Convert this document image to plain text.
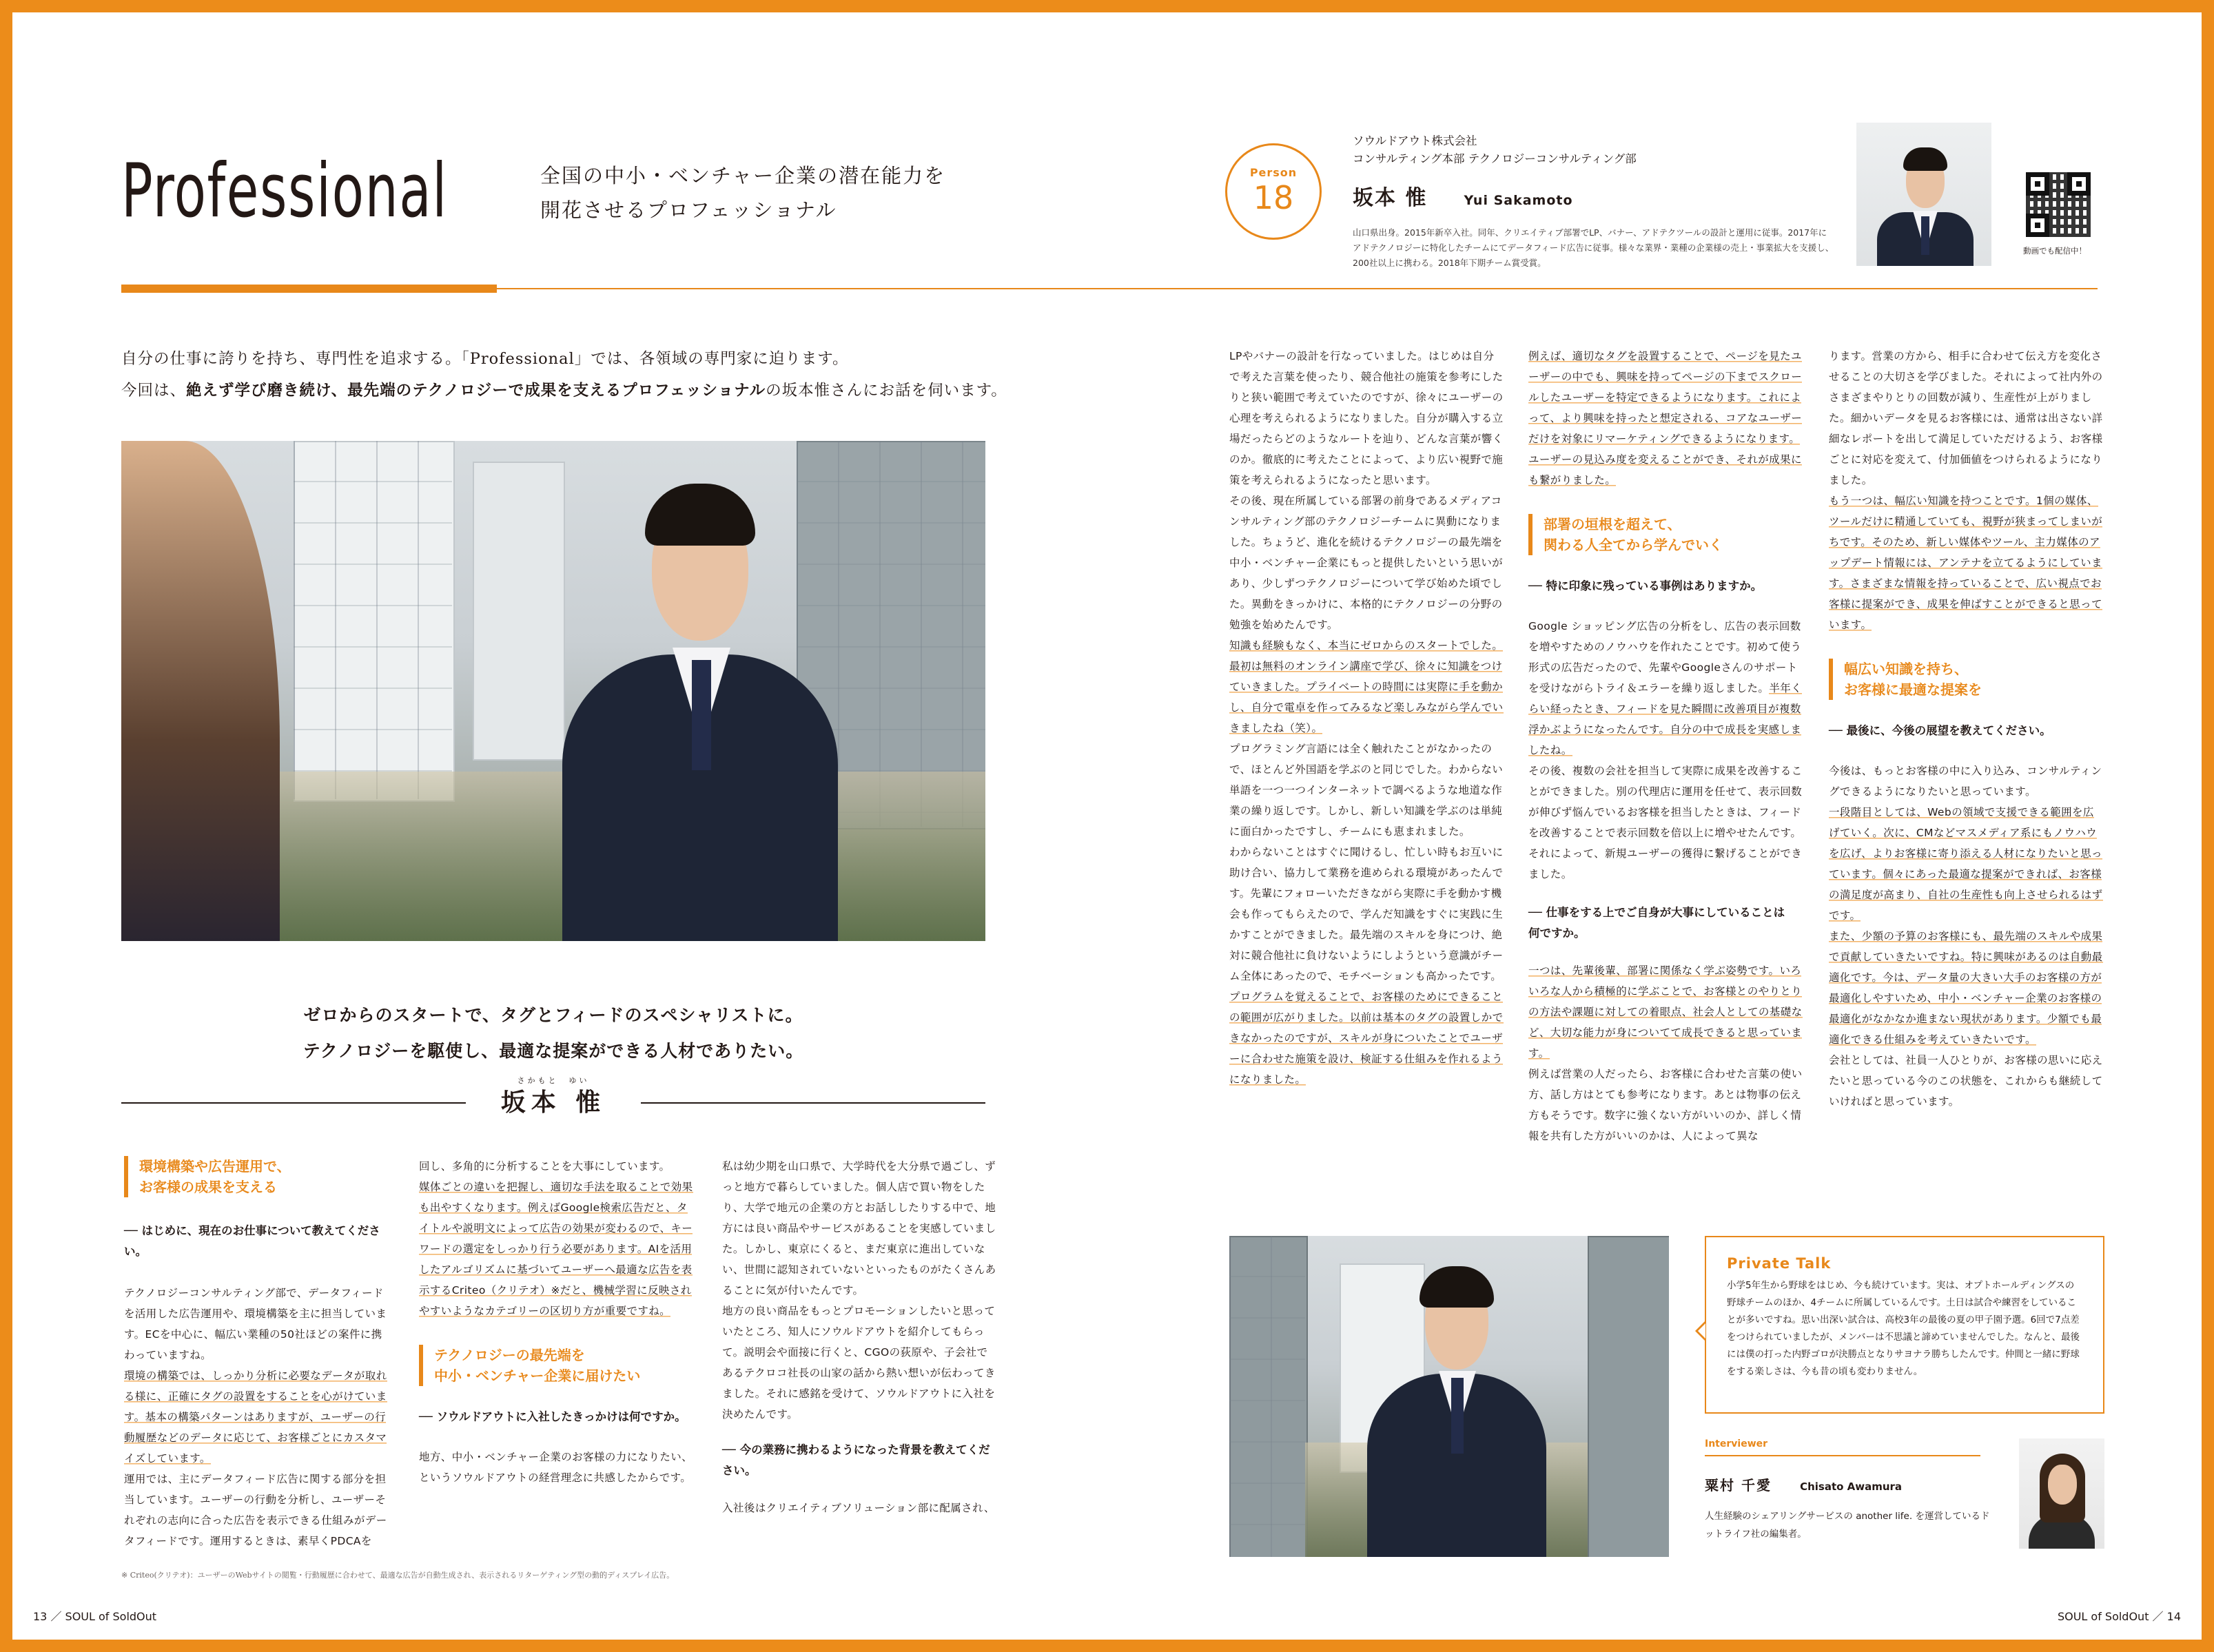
Professional	全国の中小・ベンチャー企業の潜在能力を
開花させるプロフェッショナル
Person
18
ソウルドアウト株式会社
コンサルティング本部 テクノロジーコンサルティング部
坂本 惟	Yui Sakamoto
山口県出身。2015年新卒入社。同年、クリエイティブ部署でLP、バナー、アドテクツールの設計と運用に従事。2017年にアドテクノロジーに特化したチームにてデータフィード広告に従事。様々な業界・業種の企業様の売上・事業拡大を支援し、200社以上に携わる。2018年下期チーム賞受賞。
動画でも配信中！
自分の仕事に誇りを持ち、専門性を追求する。「Professional」では、各領域の専門家に迫ります。
今回は、絶えず学び磨き続け、最先端のテクノロジーで成果を支えるプロフェッショナルの坂本惟さんにお話を伺います。
ゼロからのスタートで、タグとフィードのスペシャリストに。
テクノロジーを駆使し、最適な提案ができる人材でありたい。
さかもと　ゆい
坂本 惟
環境構築や広告運用で、
お客様の成果を支える
── はじめに、現在のお仕事について教えてください。

テクノロジーコンサルティング部で、データフィードを活用した広告運用や、環境構築を主に担当しています。ECを中心に、幅広い業種の50社ほどの案件に携わっていますね。

環境の構築では、しっかり分析に必要なデータが取れる様に、正確にタグの設置をすることを心がけています。基本の構築パターンはありますが、ユーザーの行動履歴などのデータに応じて、お客様ごとにカスタマイズしています。

運用では、主にデータフィード広告に関する部分を担当しています。ユーザーの行動を分析し、ユーザーそれぞれの志向に合った広告を表示できる仕組みがデータフィードです。運用するときは、素早くPDCAを

回し、多角的に分析することを大事にしています。

媒体ごとの違いを把握し、適切な手法を取ることで効果も出やすくなります。例えばGoogle検索広告だと、タイトルや説明文によって広告の効果が変わるので、キーワードの選定をしっかり行う必要があります。AIを活用したアルゴリズムに基づいてユーザーへ最適な広告を表示するCriteo（クリテオ）※だと、機械学習に反映されやすいようなカテゴリーの区切り方が重要ですね。

テクノロジーの最先端を
中小・ベンチャー企業に届けたい
── ソウルドアウトに入社したきっかけは何ですか。

地方、中小・ベンチャー企業のお客様の力になりたい、というソウルドアウトの経営理念に共感したからです。

私は幼少期を山口県で、大学時代を大分県で過ごし、ずっと地方で暮らしていました。個人店で買い物をしたり、大学で地元の企業の方とお話ししたりする中で、地方には良い商品やサービスがあることを実感していました。しかし、東京にくると、まだ東京に進出していない、世間に認知されていないといったものがたくさんあることに気が付いたんです。

地方の良い商品をもっとプロモーションしたいと思っていたところ、知人にソウルドアウトを紹介してもらって。説明会や面接に行くと、CGOの荻原や、子会社であるテクロコ社長の山家の話から熱い想いが伝わってきました。それに感銘を受けて、ソウルドアウトに入社を決めたんです。

── 今の業務に携わるようになった背景を教えてください。

入社後はクリエイティブソリューション部に配属され、

LPやバナーの設計を行なっていました。はじめは自分で考えた言葉を使ったり、競合他社の施策を参考にしたりと狭い範囲で考えていたのですが、徐々にユーザーの心理を考えられるようになりました。自分が購入する立場だったらどのようなルートを辿り、どんな言葉が響くのか。徹底的に考えたことによって、より広い視野で施策を考えられるようになったと思います。

その後、現在所属している部署の前身であるメディアコンサルティング部のテクノロジーチームに異動になりました。ちょうど、進化を続けるテクノロジーの最先端を中小・ベンチャー企業にもっと提供したいという思いがあり、少しずつテクノロジーについて学び始めた頃でした。異動をきっかけに、本格的にテクノロジーの分野の勉強を始めたんです。

知識も経験もなく、本当にゼロからのスタートでした。最初は無料のオンライン講座で学び、徐々に知識をつけていきました。プライベートの時間には実際に手を動かし、自分で電卓を作ってみるなど楽しみながら学んでいきましたね（笑）。

プログラミング言語には全く触れたことがなかったので、ほとんど外国語を学ぶのと同じでした。わからない単語を一つ一つインターネットで調べるような地道な作業の繰り返しです。しかし、新しい知識を学ぶのは単純に面白かったですし、チームにも恵まれました。

わからないことはすぐに聞けるし、忙しい時もお互いに助け合い、協力して業務を進められる環境があったんです。先輩にフォローいただきながら実際に手を動かす機会も作ってもらえたので、学んだ知識をすぐに実践に生かすことができました。最先端のスキルを身につけ、絶対に競合他社に負けないようにしようという意識がチーム全体にあったので、モチベーションも高かったです。

プログラムを覚えることで、お客様のためにできることの範囲が広がりました。以前は基本のタグの設置しかできなかったのですが、スキルが身についたことでユーザーに合わせた施策を設け、検証する仕組みを作れるようになりました。

例えば、適切なタグを設置することで、ページを見たユーザーの中でも、興味を持ってページの下までスクロールしたユーザーを特定できるようになります。これによって、より興味を持ったと想定される、コアなユーザーだけを対象にリマーケティングできるようになります。ユーザーの見込み度を変えることができ、それが成果にも繋がりました。

部署の垣根を超えて、
関わる人全てから学んでいく
── 特に印象に残っている事例はありますか。

Google ショッピング広告の分析をし、広告の表示回数を増やすためのノウハウを作れたことです。初めて使う形式の広告だったので、先輩やGoogleさんのサポートを受けながらトライ＆エラーを繰り返しました。半年くらい経ったとき、フィードを見た瞬間に改善項目が複数浮かぶようになったんです。自分の中で成長を実感しましたね。

その後、複数の会社を担当して実際に成果を改善することができました。別の代理店に運用を任せて、表示回数が伸びず悩んでいるお客様を担当したときは、フィードを改善することで表示回数を倍以上に増やせたんです。それによって、新規ユーザーの獲得に繋げることができました。

── 仕事をする上でご自身が大事にしていることは
何ですか。

一つは、先輩後輩、部署に関係なく学ぶ姿勢です。いろいろな人から積極的に学ぶことで、お客様とのやりとりの方法や課題に対しての着眼点、社会人としての基礎など、大切な能力が身についてて成長できると思っています。

例えば営業の人だったら、お客様に合わせた言葉の使い方、話し方はとても参考になります。あとは物事の伝え方もそうです。数字に強くない方がいいのか、詳しく情報を共有した方がいいのかは、人によって異な

ります。営業の方から、相手に合わせて伝え方を変化させることの大切さを学びました。それによって社内外のさまざまやりとりの回数が減り、生産性が上がりました。細かいデータを見るお客様には、通常は出さない詳細なレポートを出して満足していただけるよう、お客様ごとに対応を変えて、付加価値をつけられるようになりました。

もう一つは、幅広い知識を持つことです。1個の媒体、ツールだけに精通していても、視野が狭まってしまいがちです。そのため、新しい媒体やツール、主力媒体のアップデート情報には、アンテナを立てるようにしています。さまざまな情報を持っていることで、広い視点でお客様に提案ができ、成果を伸ばすことができると思っています。

幅広い知識を持ち、
お客様に最適な提案を
── 最後に、今後の展望を教えてください。

今後は、もっとお客様の中に入り込み、コンサルティングできるようになりたいと思っています。

一段階目としては、Webの領域で支援できる範囲を広げていく。次に、CMなどマスメディア系にもノウハウを広げ、よりお客様に寄り添える人材になりたいと思っています。個々にあった最適な提案ができれば、お客様の満足度が高まり、自社の生産性も向上させられるはずです。

また、少額の予算のお客様にも、最先端のスキルや成果で貢献していきたいですね。特に興味があるのは自動最適化です。今は、データ量の大きい大手のお客様の方が最適化しやすいため、中小・ベンチャー企業のお客様の最適化がなかなか進まない現状があります。少額でも最適化できる仕組みを考えていきたいです。

会社としては、社員一人ひとりが、お客様の思いに応えたいと思っている今のこの状態を、これからも継続していければと思っています。

Private Talk
小学5年生から野球をはじめ、今も続けています。実は、オプトホールディングスの野球チームのほか、4チームに所属しているんです。土日は試合や練習をしていることが多いですね。思い出深い試合は、高校3年の最後の夏の甲子園予選。6回で7点差をつけられていましたが、メンバーは不思議と諦めていませんでした。なんと、最後には僕の打った内野ゴロが決勝点となりサヨナラ勝ちしたんです。仲間と一緒に野球をする楽しさは、今も昔の頃も変わりません。
Interviewer
粟村 千愛	Chisato Awamura
人生経験のシェアリングサービスの another life. を運営しているドットライフ社の編集者。
※ Criteo(クリテオ)：ユーザーのWebサイトの閲覧・行動履歴に合わせて、最適な広告が自動生成され、表示されるリターゲティング型の動的ディスプレイ広告。
13 ／ SOUL of SoldOut	SOUL of SoldOut ／ 14
